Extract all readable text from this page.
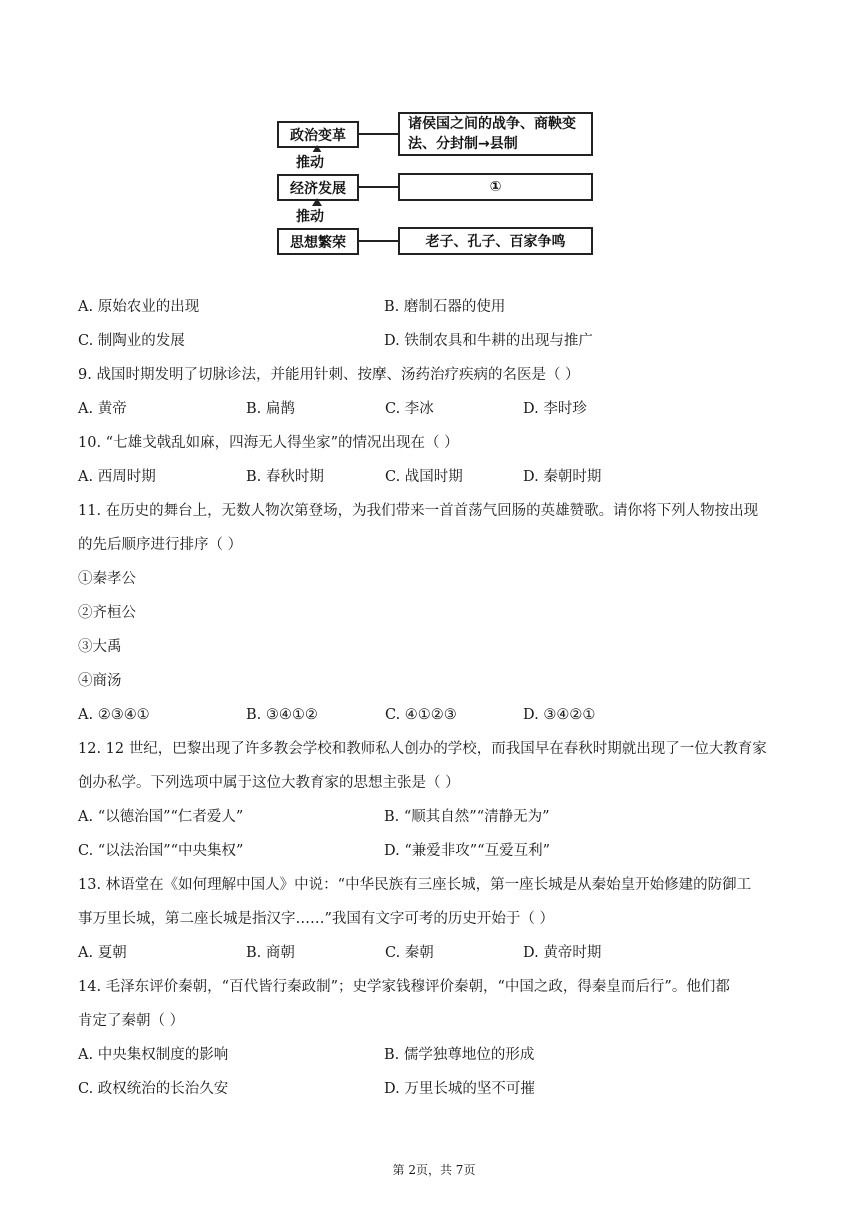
政治变革
诸侯国之间的战争、商鞅变法、分封制→县制
推动
经济发展	①
推动
思想繁荣	老子、孔子、百家争鸣
A. 原始农业的出现	B. 磨制石器的使用
C. 制陶业的发展	D. 铁制农具和牛耕的出现与推广
9. 战国时期发明了切脉诊法，并能用针刺、按摩、汤药治疗疾病的名医是（ ）
A. 黄帝	B. 扁鹊	C. 李冰	D. 李时珍
10. “七雄戈戟乱如麻，四海无人得坐家”的情况出现在（ ）
A. 西周时期	B. 春秋时期	C. 战国时期	D. 秦朝时期
11. 在历史的舞台上，无数人物次第登场，为我们带来一首首荡气回肠的英雄赞歌。请你将下列人物按出现
的先后顺序进行排序（ ）
①秦孝公
②齐桓公
③大禹
④商汤
A. ②③④①	B. ③④①②	C. ④①②③	D. ③④②①
12. 12 世纪，巴黎出现了许多教会学校和教师私人创办的学校，而我国早在春秋时期就出现了一位大教育家
创办私学。下列选项中属于这位大教育家的思想主张是（ ）
A. “以德治国”“仁者爱人”	B. “顺其自然”“清静无为”
C. “以法治国”“中央集权”	D. “兼爱非攻”“互爱互利”
13. 林语堂在《如何理解中国人》中说：“中华民族有三座长城，第一座长城是从秦始皇开始修建的防御工
事万里长城，第二座长城是指汉字……”我国有文字可考的历史开始于（ ）
A. 夏朝	B. 商朝	C. 秦朝	D. 黄帝时期
14. 毛泽东评价秦朝，“百代皆行秦政制”；史学家钱穆评价秦朝，“中国之政，得秦皇而后行”。他们都
肯定了秦朝（ ）
A. 中央集权制度的影响	B. 儒学独尊地位的形成
C. 政权统治的长治久安	D. 万里长城的坚不可摧
第 2页，共 7页
